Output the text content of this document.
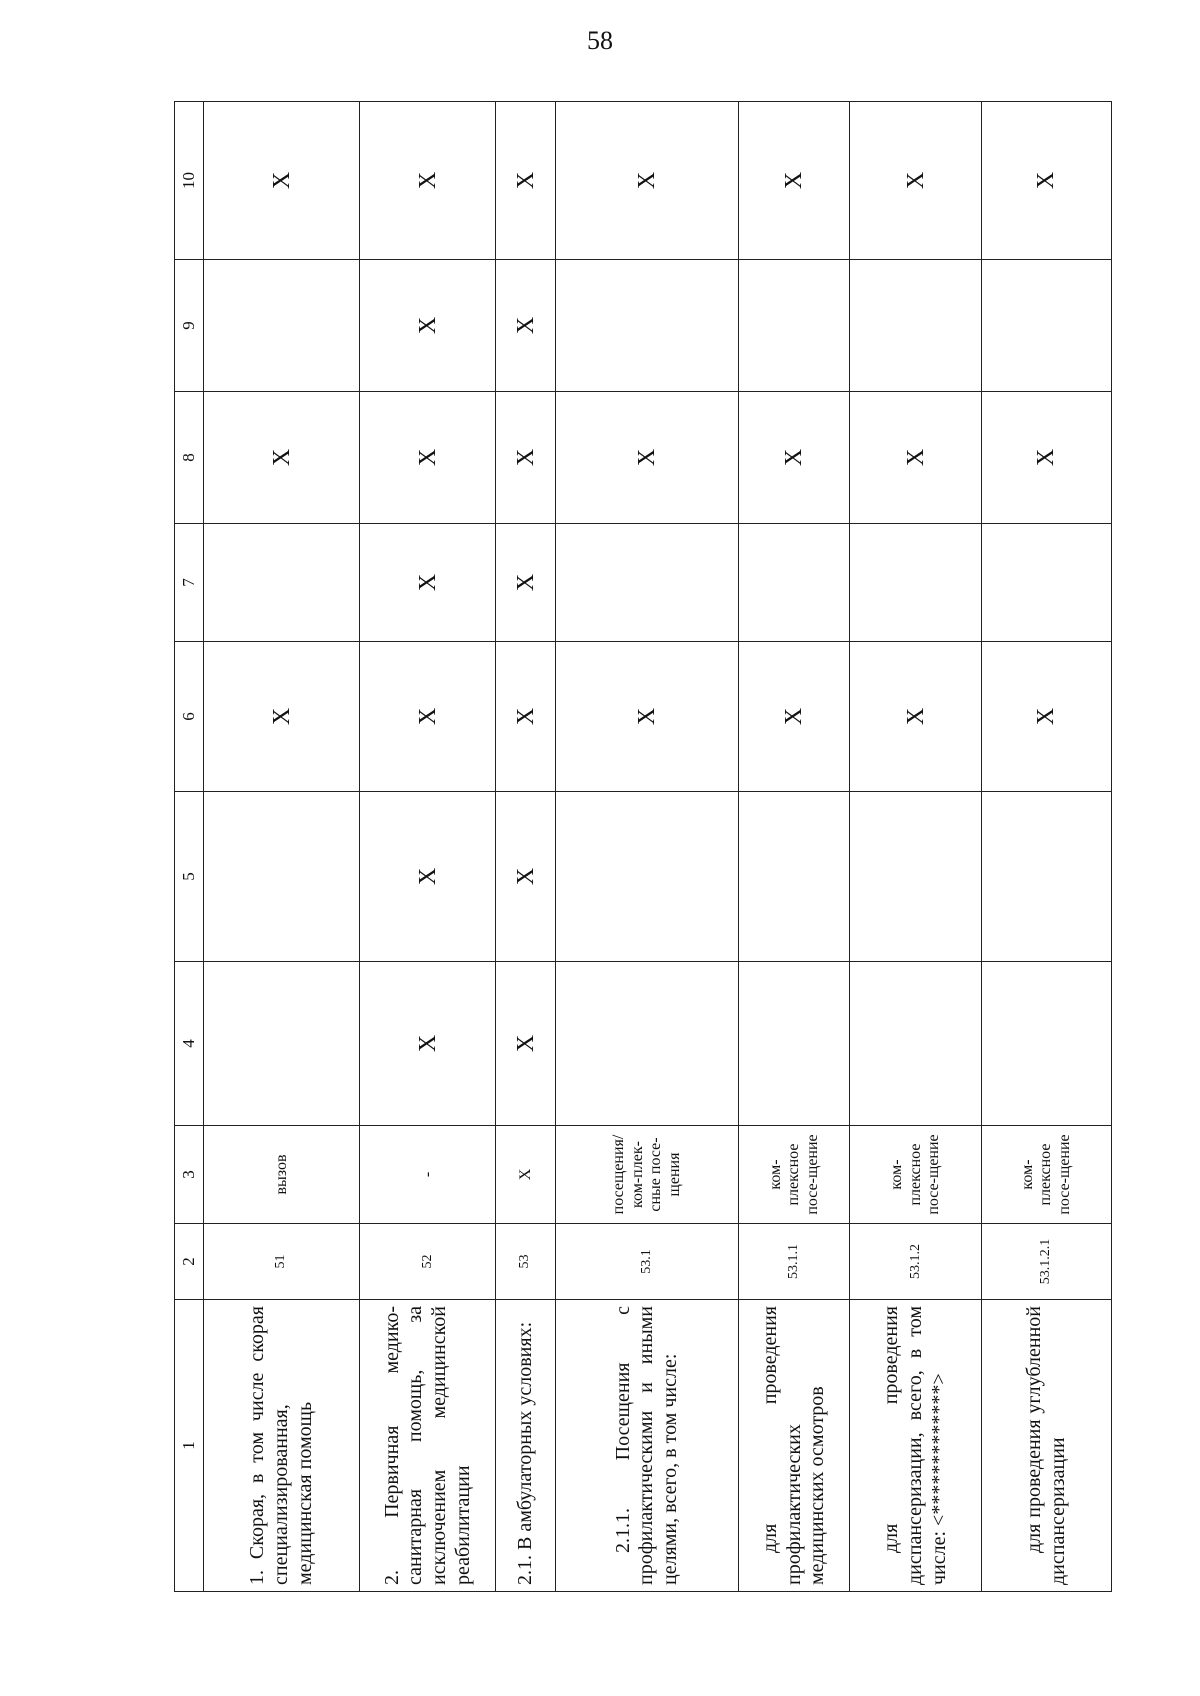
58
1	2	3	4	5	6	7	8	9	10
1. Скорая, в том числе скорая специализированная, медицинская помощь	51	вызов			X		X		X
2. Первичная медико-санитарная помощь, за исключением медицинской реабилитации	52	-	X	X	X	X	X	X	X
2.1. В амбулаторных условиях:	53	X	X	X	X	X	X	X	X
2.1.1. Посещения с профилактическими и иными целями, всего, в том числе:	53.1	посещения/ком-плек-сные посе-щения			X		X		X
для проведения профилактических медицинских осмотров	53.1.1	ком-плексное посе-щение			X		X		X
для проведения диспансеризации, всего, в том числе: <*************>	53.1.2	ком-плексное посе-щение			X		X		X
для проведения углубленной диспансеризации	53.1.2.1	ком-плексное посе-щение			X		X		X
